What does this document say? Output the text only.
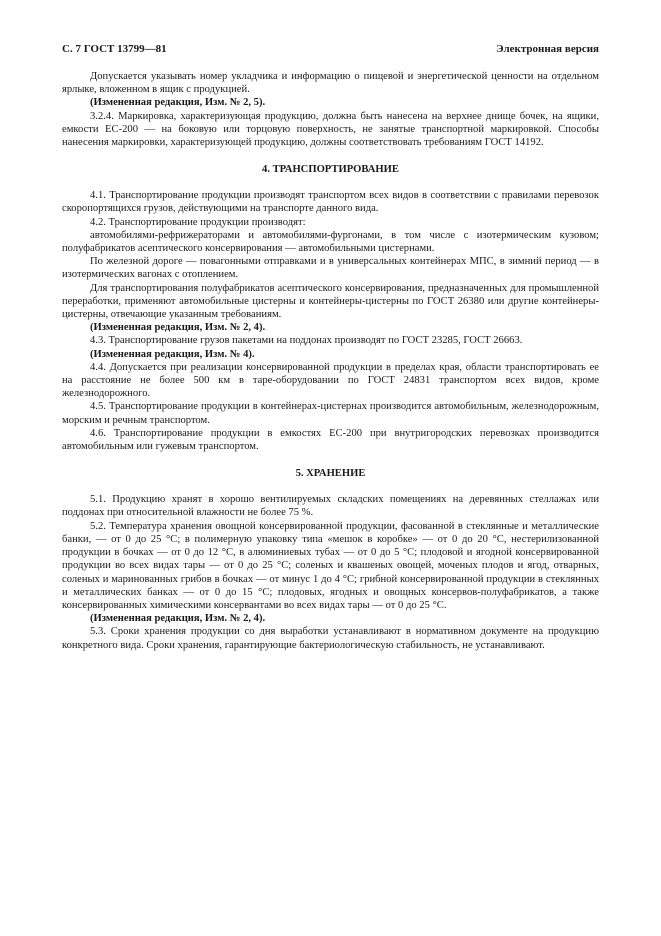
С. 7 ГОСТ 13799—81	Электронная версия

Допускается указывать номер укладчика и информацию о пищевой и энергетической ценности на отдельном ярлыке, вложенном в ящик с продукцией.

(Измененная редакция, Изм. № 2, 5).

3.2.4. Маркировка, характеризующая продукцию, должна быть нанесена на верхнее днище бочек, на ящики, емкости ЕС-200 — на боковую или торцовую поверхность, не занятые транспортной маркировкой. Способы нанесения маркировки, характеризующей продукцию, должны соответствовать требованиям ГОСТ 14192.

4. ТРАНСПОРТИРОВАНИЕ

4.1. Транспортирование продукции производят транспортом всех видов в соответствии с правилами перевозок скоропортящихся грузов, действующими на транспорте данного вида.

4.2. Транспортирование продукции производят:

автомобилями-рефрижераторами и автомобилями-фургонами, в том числе с изотермическим кузовом; полуфабрикатов асептического консервирования — автомобильными цистернами.

По железной дороге — повагонными отправками и в универсальных контейнерах МПС, в зимний период — в изотермических вагонах с отоплением.

Для транспортирования полуфабрикатов асептического консервирования, предназначенных для промышленной переработки, применяют автомобильные цистерны и контейнеры-цистерны по ГОСТ 26380 или другие контейнеры-цистерны, отвечающие указанным требованиям.

(Измененная редакция, Изм. № 2, 4).

4.3. Транспортирование грузов пакетами на поддонах производят по ГОСТ 23285, ГОСТ 26663.

(Измененная редакция, Изм. № 4).

4.4. Допускается при реализации консервированной продукции в пределах края, области транспортировать ее на расстояние не более 500 км в таре-оборудовании по ГОСТ 24831 транспортом всех видов, кроме железнодорожного.

4.5. Транспортирование продукции в контейнерах-цистернах производится автомобильным, железнодорожным, морским и речным транспортом.

4.6. Транспортирование продукции в емкостях ЕС-200 при внутригородских перевозках производится автомобильным или гужевым транспортом.

5. ХРАНЕНИЕ

5.1. Продукцию хранят в хорошо вентилируемых складских помещениях на деревянных стеллажах или поддонах при относительной влажности не более 75 %.

5.2. Температура хранения овощной консервированной продукции, фасованной в стеклянные и металлические банки, — от 0 до 25 °С; в полимерную упаковку типа «мешок в коробке» — от 0 до 20 °С, нестерилизованной продукции в бочках — от 0 до 12 °С, в алюминиевых тубах — от 0 до 5 °С; плодовой и ягодной консервированной продукции во всех видах тары — от 0 до 25 °С; соленых и квашеных овощей, моченых плодов и ягод, отварных, соленых и маринованных грибов в бочках — от минус 1 до 4 °С; грибной консервированной продукции в стеклянных и металлических банках — от 0 до 15 °С; плодовых, ягодных и овощных консервов-полуфабрикатов, а также консервированных химическими консервантами во всех видах тары — от 0 до 25 °С.

(Измененная редакция, Изм. № 2, 4).

5.3. Сроки хранения продукции со дня выработки устанавливают в нормативном документе на продукцию конкретного вида. Сроки хранения, гарантирующие бактериологическую стабильность, не устанавливают.
